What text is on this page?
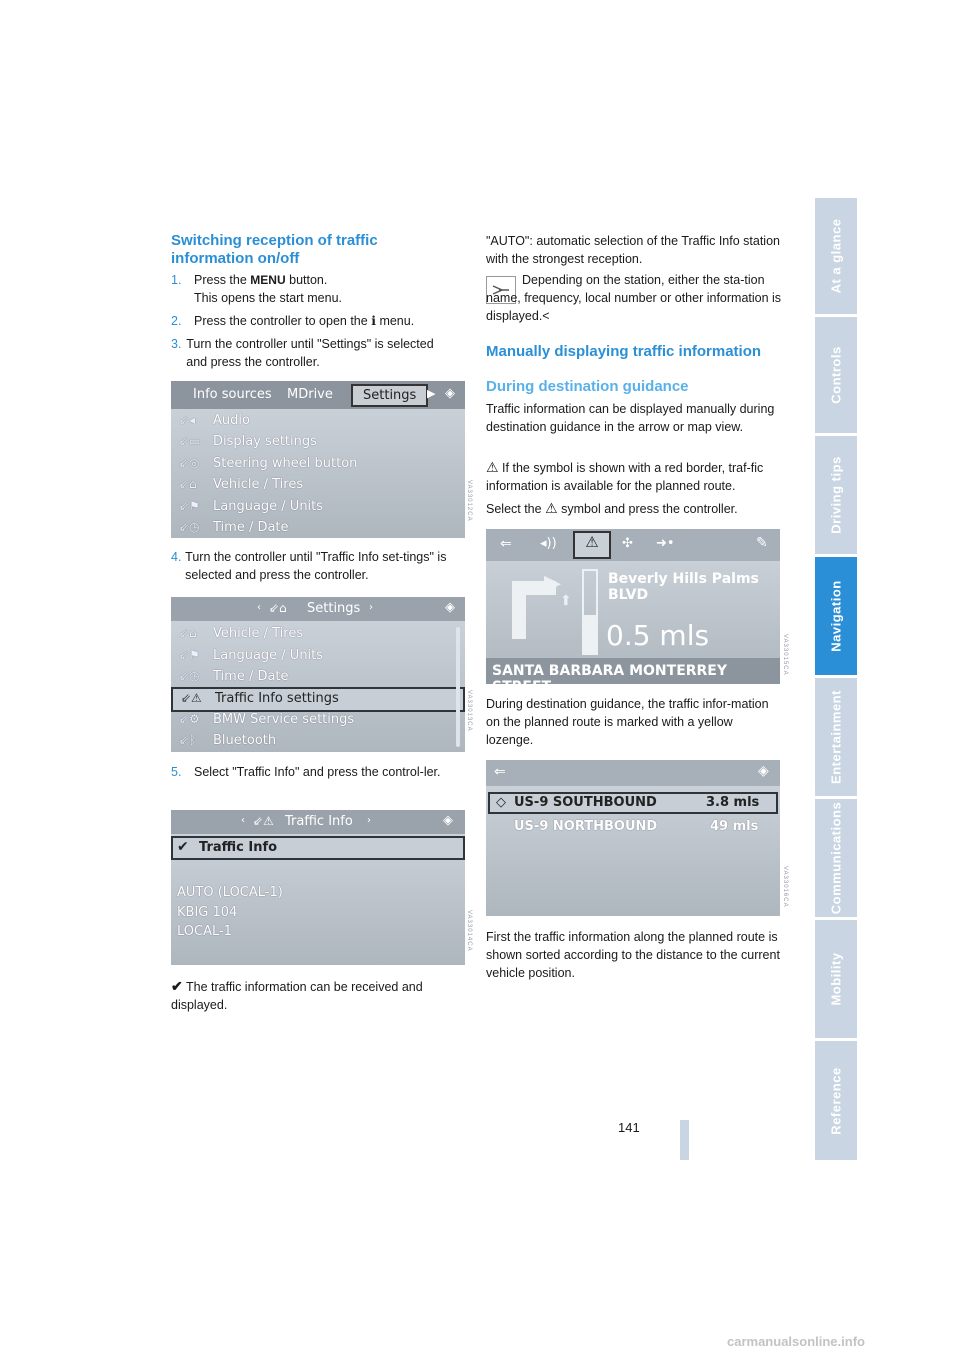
At a glance
Controls
Driving tips
Navigation
Entertainment
Communications
Mobility
Reference
Switching reception of traffic information on/off
1. Press the MENU button.
This opens the start menu.
2. Press the controller to open the i menu.
3. Turn the controller until "Settings" is selected and press the controller.
Info sources MDrive	Settings ▶ ◈
⇙◂	Audio
⇙▭ Display settings
⇙◎	Steering wheel button
⇙⌂	Vehicle / Tires
⇙⚑	Language / Units
⇙◷	Time / Date
VA33012CA
4. Turn the controller until "Traffic Info set-tings" is selected and press the controller.
‹ ⇙⌂ Settings ›	◈
⇙⌂	Vehicle / Tires
⇙⚑	Language / Units
⇙◷	Time / Date
⇙⚠	Traffic Info settings
⇙⚙	BMW Service settings
⇙ᛒ	Bluetooth
VA33013CA
5.	Select "Traffic Info" and press the control-ler.
‹ ⇙⚠ Traffic Info ›	◈
✔ Traffic Info
AUTO (LOCAL-1)
KBIG 104
LOCAL-1	VA33014CA
✔ The traffic information can be received and displayed.
"AUTO": automatic selection of the Traffic Info station with the strongest reception.
Depending on the station, either the sta-tion name, frequency, local number or other information is displayed.<
Manually displaying traffic information
During destination guidance
Traffic information can be displayed manually during destination guidance in the arrow or map view.
⚠ If the symbol is shown with a red border, traf-fic information is available for the planned route.
Select the ⚠ symbol and press the controller.
⇐ ◂))	⚠	✣ ➜•	✎
▶
⬆
Beverly Hills Palms BLVD
0.5 mls
SANTA BARBARA MONTERREY STREET
VA33015CA
During destination guidance, the traffic infor-mation on the planned route is marked with a yellow lozenge.
⇐	◈
◇ US-9 SOUTHBOUND	3.8 mls
US-9 NORTHBOUND	49 mls
VA33016CA
First the traffic information along the planned route is shown sorted according to the distance to the current vehicle position.
141
carmanualsonline.info
